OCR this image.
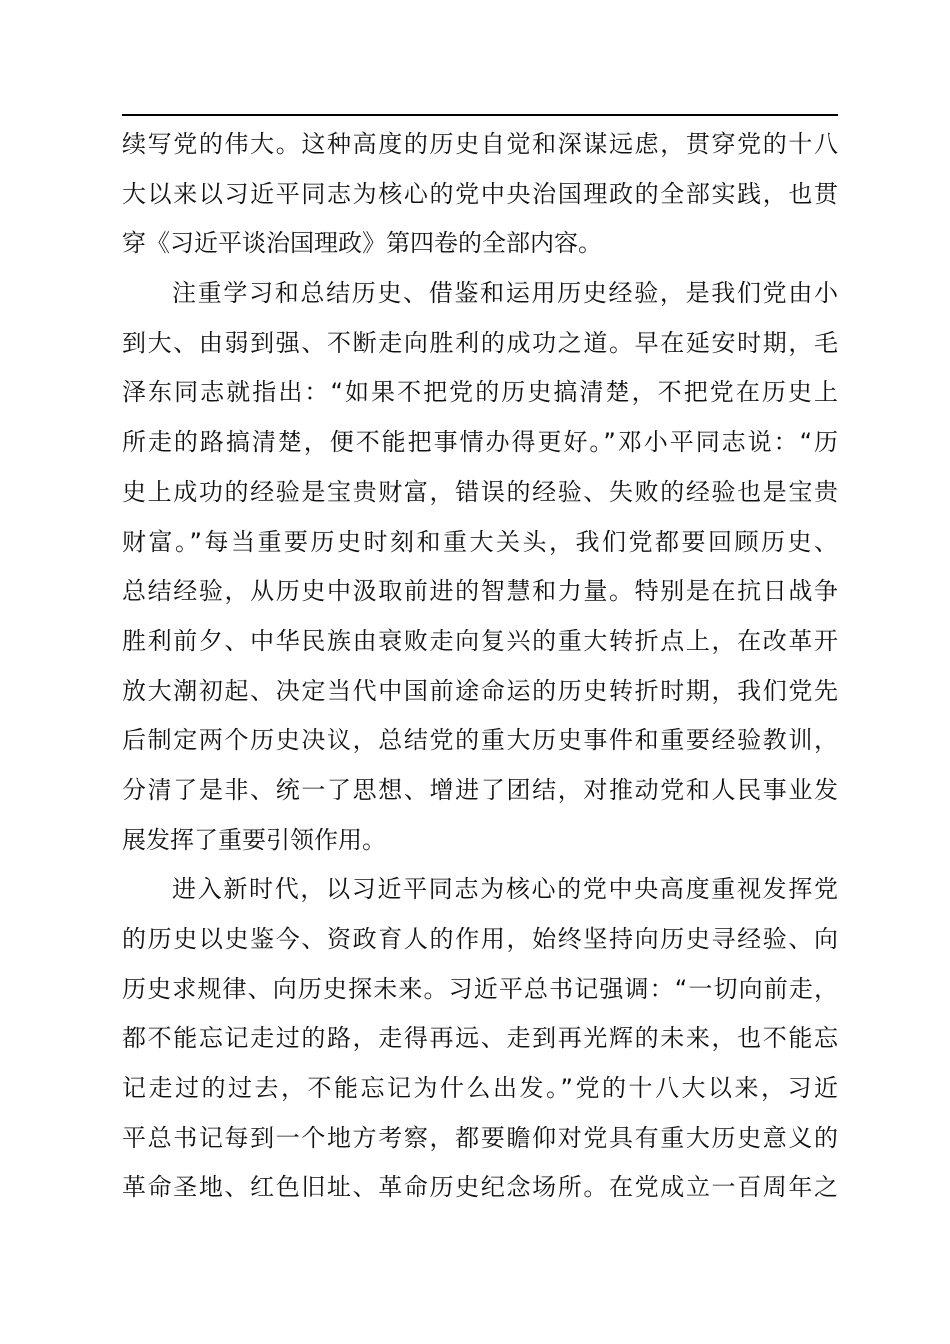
续写党的伟大。这种高度的历史自觉和深谋远虑，贯穿党的十八
大以来以习近平同志为核心的党中央治国理政的全部实践，也贯
穿《习近平谈治国理政》第四卷的全部内容。
注重学习和总结历史、借鉴和运用历史经验，是我们党由小
到大、由弱到强、不断走向胜利的成功之道。早在延安时期，毛
泽东同志就指出：“如果不把党的历史搞清楚，不把党在历史上
所走的路搞清楚，便不能把事情办得更好。”邓小平同志说：“历
史上成功的经验是宝贵财富，错误的经验、失败的经验也是宝贵
财富。”每当重要历史时刻和重大关头，我们党都要回顾历史、
总结经验，从历史中汲取前进的智慧和力量。特别是在抗日战争
胜利前夕、中华民族由衰败走向复兴的重大转折点上，在改革开
放大潮初起、决定当代中国前途命运的历史转折时期，我们党先
后制定两个历史决议，总结党的重大历史事件和重要经验教训，
分清了是非、统一了思想、增进了团结，对推动党和人民事业发
展发挥了重要引领作用。
进入新时代，以习近平同志为核心的党中央高度重视发挥党
的历史以史鉴今、资政育人的作用，始终坚持向历史寻经验、向
历史求规律、向历史探未来。习近平总书记强调：“一切向前走，
都不能忘记走过的路，走得再远、走到再光辉的未来，也不能忘
记走过的过去，不能忘记为什么出发。”党的十八大以来，习近
平总书记每到一个地方考察，都要瞻仰对党具有重大历史意义的
革命圣地、红色旧址、革命历史纪念场所。在党成立一百周年之
